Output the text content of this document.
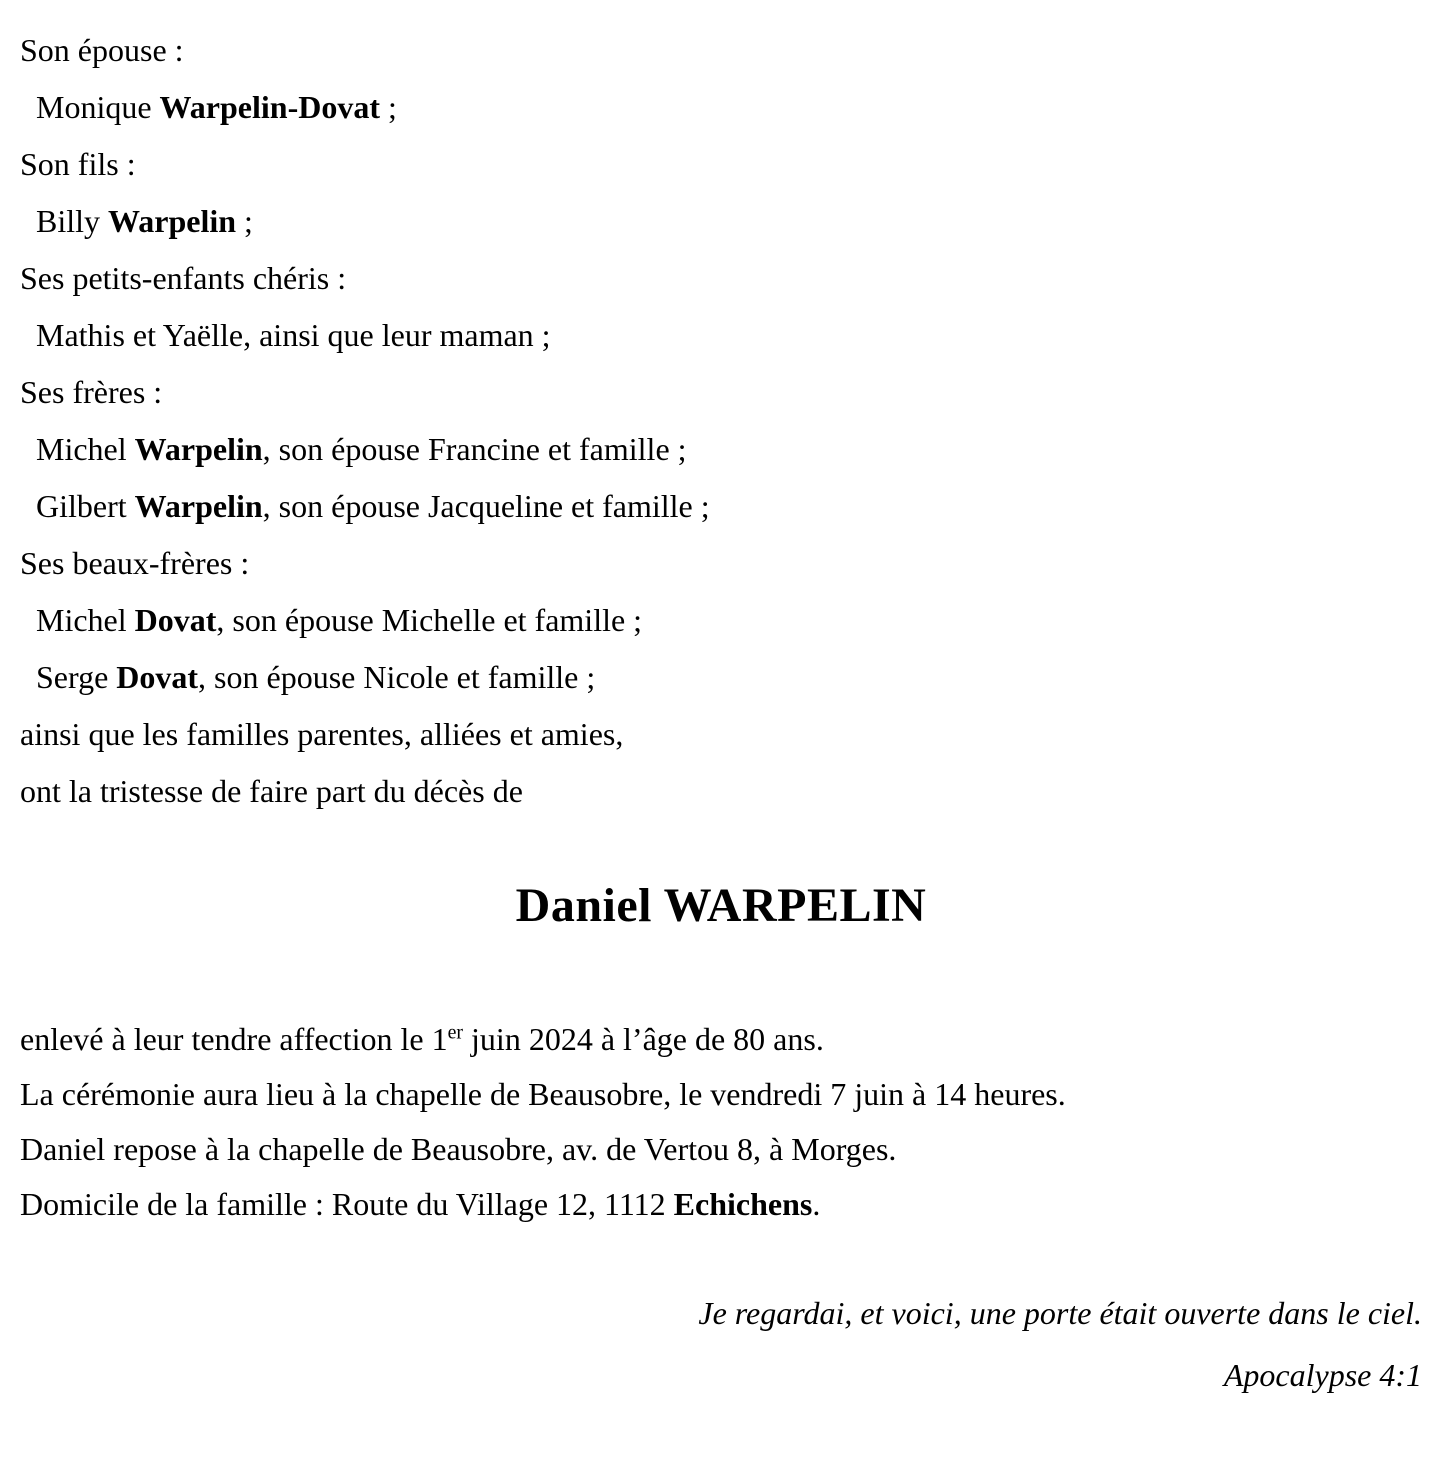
Son épouse :

Monique Warpelin-Dovat ;

Son fils :

Billy Warpelin ;

Ses petits-enfants chéris :

Mathis et Yaëlle, ainsi que leur maman ;

Ses frères :

Michel Warpelin, son épouse Francine et famille ;

Gilbert Warpelin, son épouse Jacqueline et famille ;

Ses beaux-frères :

Michel Dovat, son épouse Michelle et famille ;

Serge Dovat, son épouse Nicole et famille ;

ainsi que les familles parentes, alliées et amies,

ont la tristesse de faire part du décès de

Daniel WARPELIN

enlevé à leur tendre affection le 1er juin 2024 à l’âge de 80 ans.

La cérémonie aura lieu à la chapelle de Beausobre, le vendredi 7 juin à 14 heures.

Daniel repose à la chapelle de Beausobre, av. de Vertou 8, à Morges.

Domicile de la famille : Route du Village 12, 1112 Echichens.

Je regardai, et voici, une porte était ouverte dans le ciel.

Apocalypse 4:1
